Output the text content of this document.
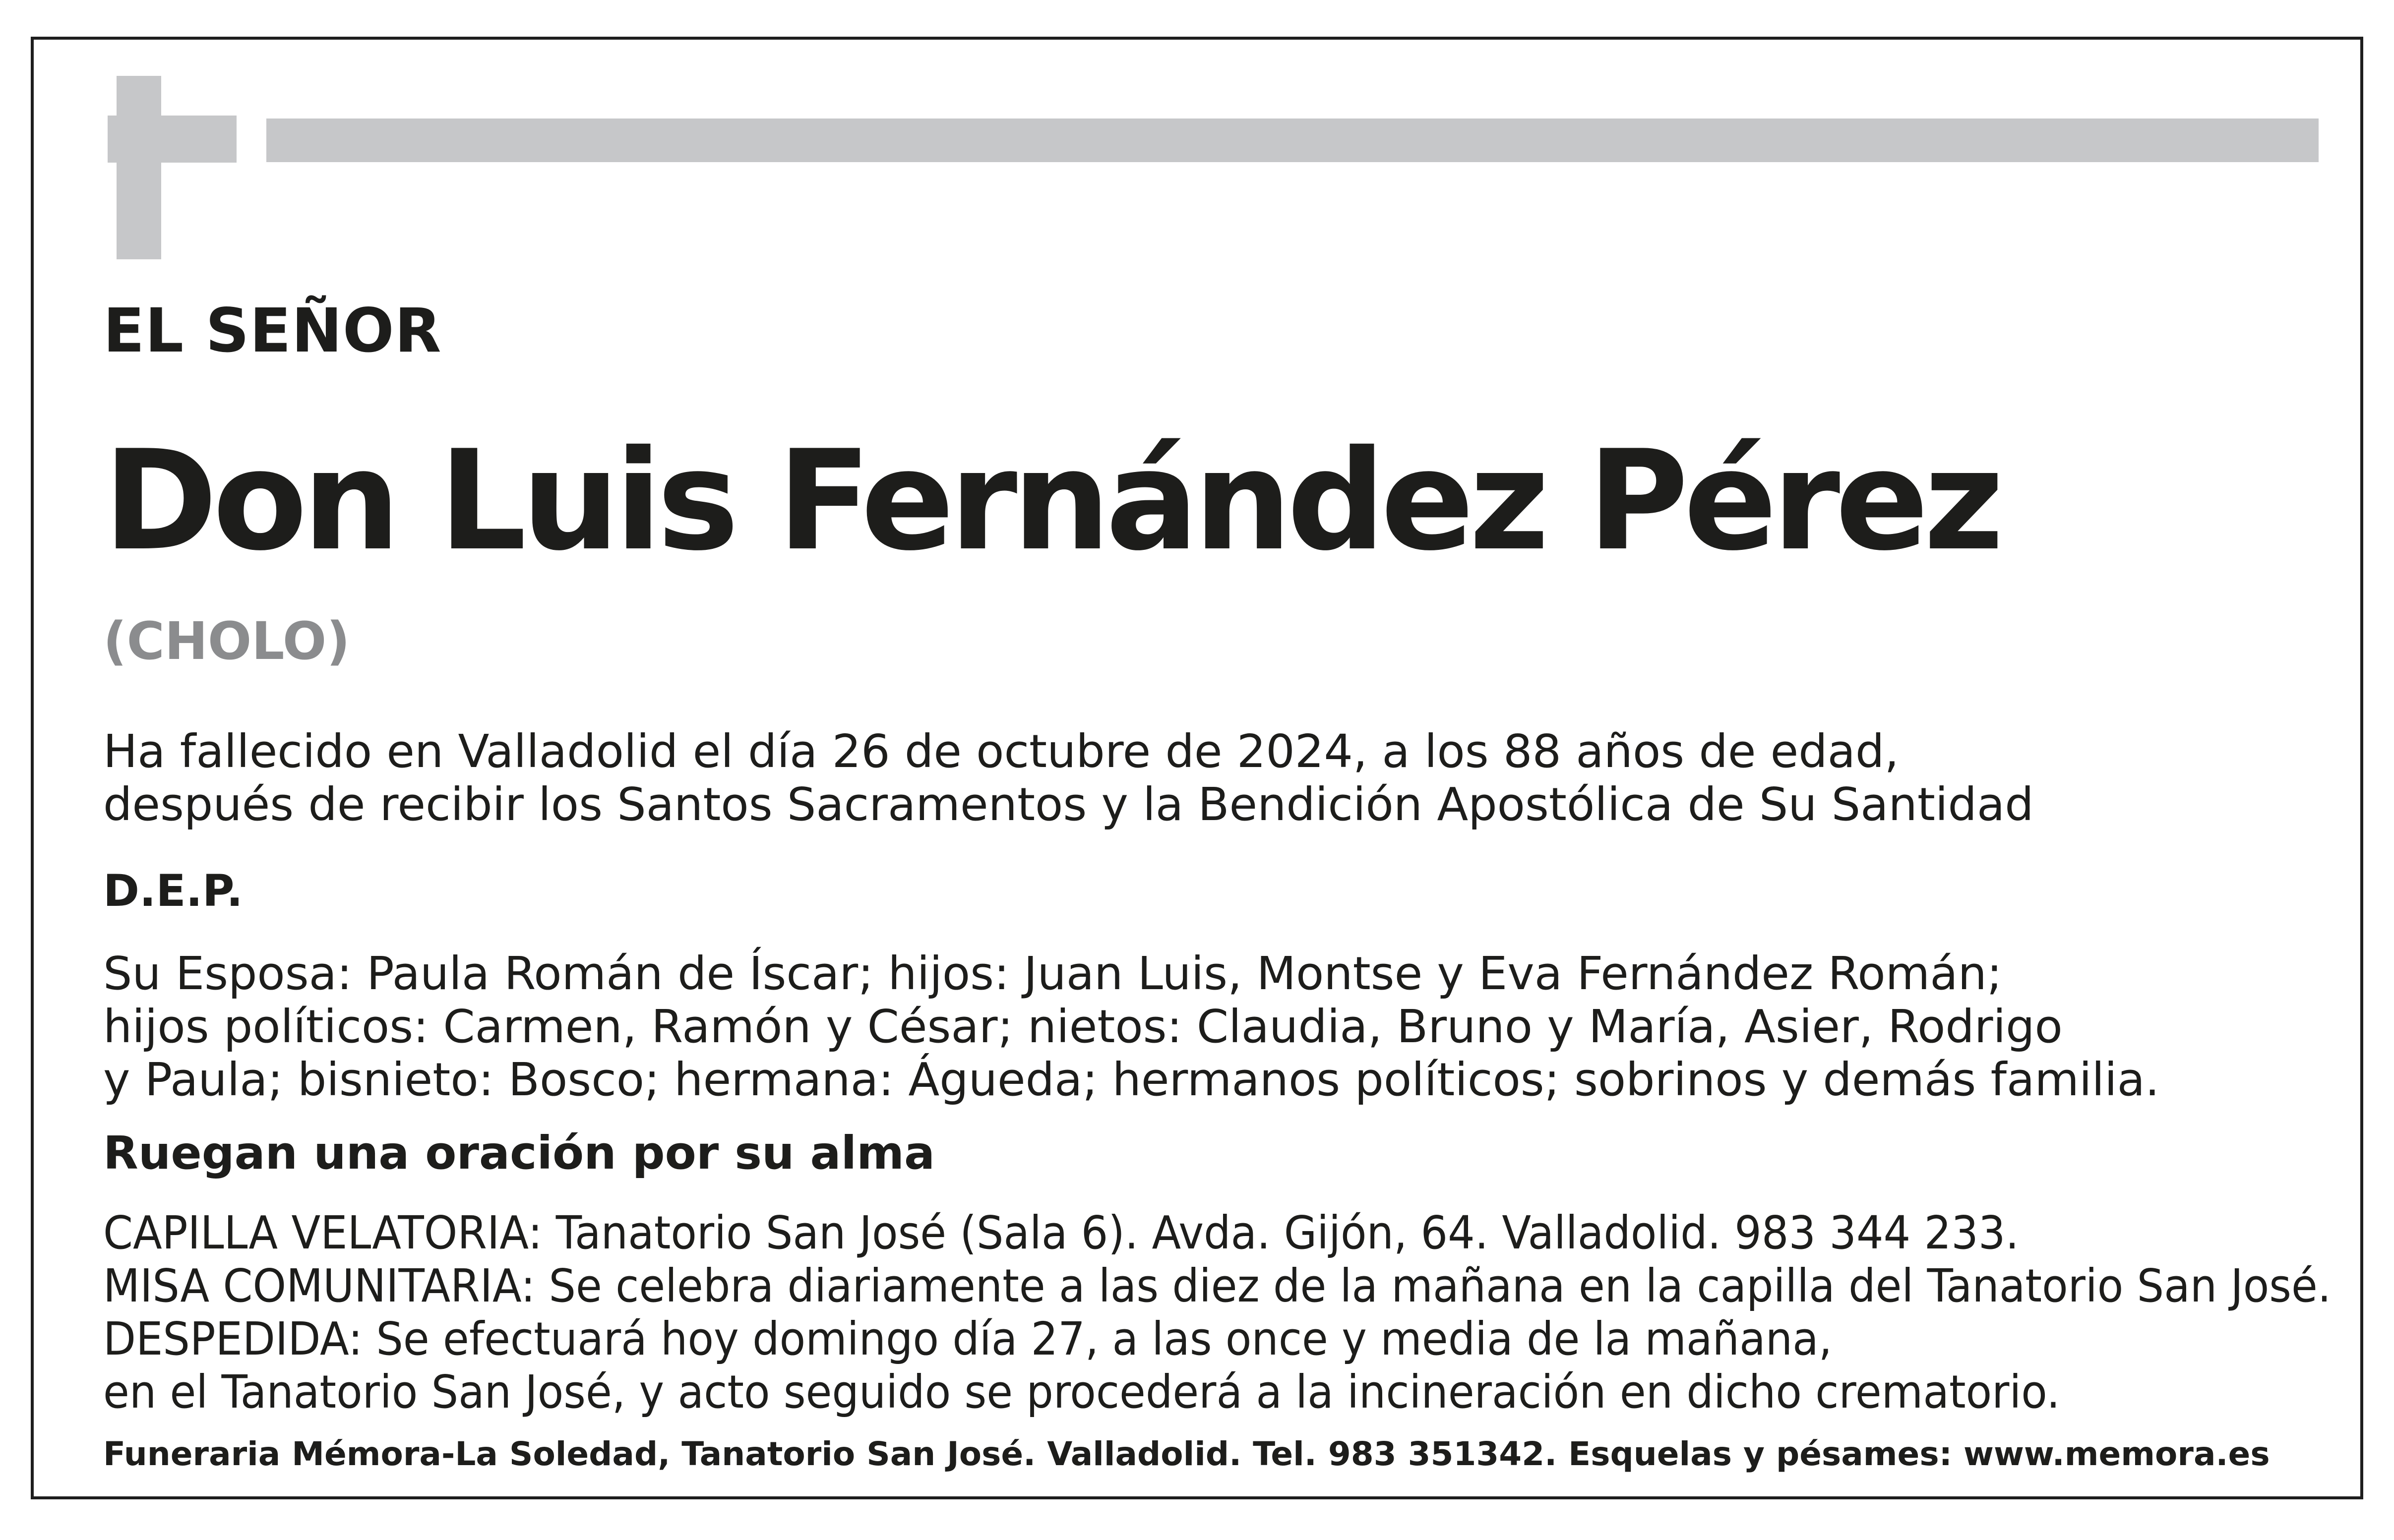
EL SEÑOR

Don Luis Fernández Pérez

(CHOLO)

Ha fallecido en Valladolid el día 26 de octubre de 2024, a los 88 años de edad,
después de recibir los Santos Sacramentos y la Bendición Apostólica de Su Santidad

D.E.P.

Su Esposa: Paula Román de Íscar; hijos: Juan Luis, Montse y Eva Fernández Román;
hijos políticos: Carmen, Ramón y César; nietos: Claudia, Bruno y María, Asier, Rodrigo
y Paula; bisnieto: Bosco; hermana: Águeda; hermanos políticos; sobrinos y demás familia.

Ruegan una oración por su alma

CAPILLA VELATORIA: Tanatorio San José (Sala 6). Avda. Gijón, 64. Valladolid. 983 344 233.
MISA COMUNITARIA: Se celebra diariamente a las diez de la mañana en la capilla del Tanatorio San José.
DESPEDIDA: Se efectuará hoy domingo día 27, a las once y media de la mañana,
en el Tanatorio San José, y acto seguido se procederá a la incineración en dicho crematorio.

Funeraria Mémora-La Soledad, Tanatorio San José. Valladolid. Tel. 983 351342. Esquelas y pésames: www.memora.es
